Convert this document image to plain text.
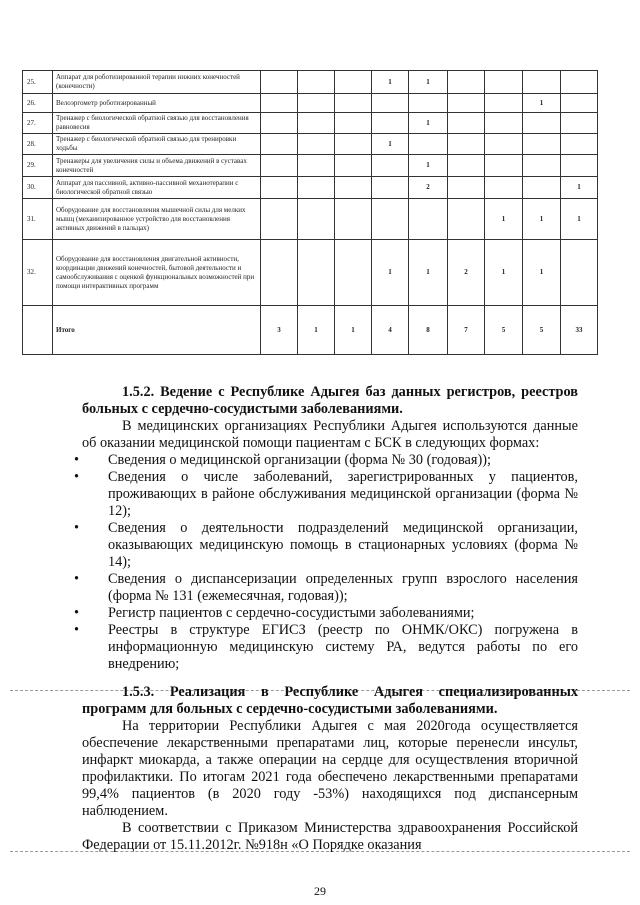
25.	Аппарат для роботизированной терапии нижних конечностей (конечности)				1	1				
26.	Велоэргометр роботизированный								1	
27.	Тренажер с биологической обратной связью для восстановления равновесия					1				
28.	Тренажер с биологической обратной связью для тренировки ходьбы				1					
29.	Тренажеры для увеличения силы и объема движений в суставах конечностей					1				
30.	Аппарат для пассивной, активно-пассивной механотерапии с биологической обратной связью					2				1
31.	Оборудование для восстановления мышечной силы для мелких мышц (механизированное устройство для восстановления активных движений в пальцах)							1	1	1
32.	Оборудование для восстановления двигательной активности, координации движений конечностей, бытовой деятельности и самообслуживания с оценкой функциональных возможностей при помощи интерактивных программ				1	1	2	1	1	
	Итого	3	1	1	4	8	7	5	5	33

1.5.2. Ведение с Республике Адыгея баз данных регистров, реестров больных с сердечно-сосудистыми заболеваниями.

В медицинских организациях Республики Адыгея используются данные об оказании медицинской помощи пациентам с БСК в следующих формах:

• Сведения о медицинской организации (форма № 30 (годовая));
• Сведения о числе заболеваний, зарегистрированных у пациентов, проживающих в районе обслуживания медицинской организации (форма № 12);
• Сведения о деятельности подразделений медицинской организации, оказывающих медицинскую помощь в стационарных условиях (форма № 14);
• Сведения о диспансеризации определенных групп взрослого населения (форма № 131 (ежемесячная, годовая));
• Регистр пациентов с сердечно-сосудистыми заболеваниями;
• Реестры в структуре ЕГИСЗ (реестр по ОНМК/ОКС) погружена в информационную медицинскую систему РА, ведутся работы по его внедрению;

1.5.3. Реализация в Республике Адыгея специализированных программ для больных с сердечно-сосудистыми заболеваниями.

На территории Республики Адыгея с мая 2020года осуществляется обеспечение лекарственными препаратами лиц, которые перенесли инсульт, инфаркт миокарда, а также операции на сердце для осуществления вторичной профилактики. По итогам 2021 года обеспечено лекарственными препаратами 99,4% пациентов (в 2020 году -53%) находящихся под диспансерным наблюдением.

В соответствии с Приказом Министерства здравоохранения Российской Федерации от 15.11.2012г. №918н «О Порядке оказания

29
